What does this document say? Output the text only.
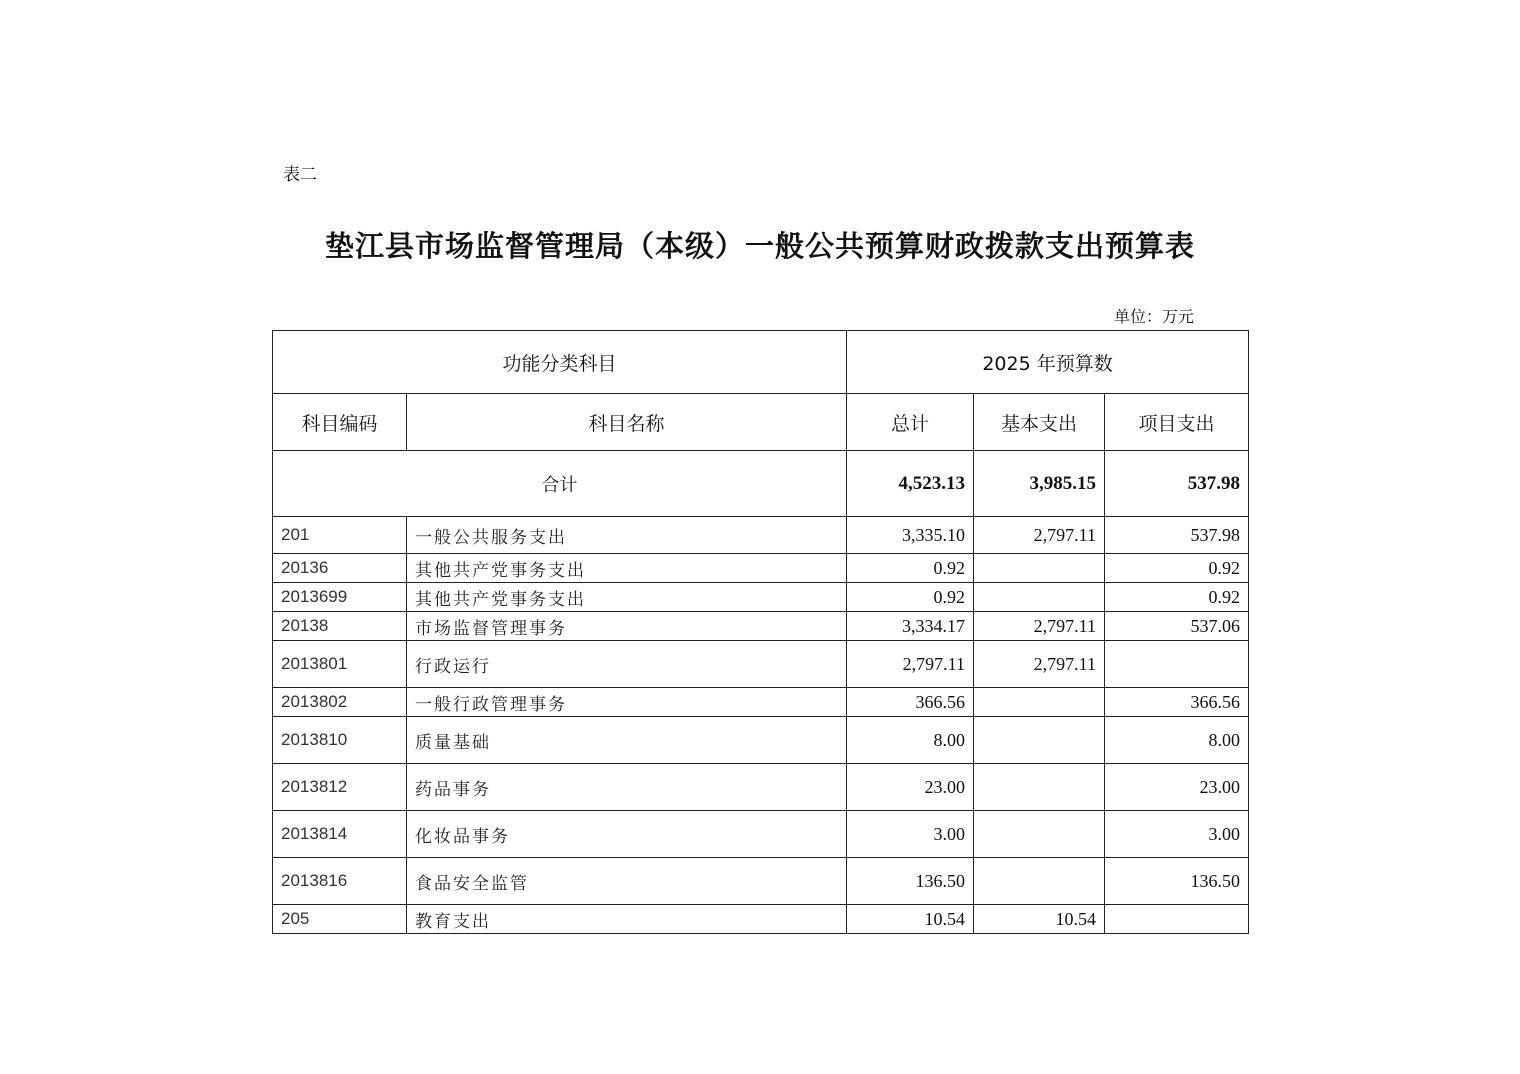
表二
垫江县市场监督管理局（本级）一般公共预算财政拨款支出预算表
单位：万元
功能分类科目		2025 年预算数		
科目编码	科目名称	总计	基本支出	项目支出
合计		4,523.13	3,985.15	537.98
201	一般公共服务支出	3,335.10	2,797.11	537.98
20136	其他共产党事务支出	0.92		0.92
2013699	其他共产党事务支出	0.92		0.92
20138	市场监督管理事务	3,334.17	2,797.11	537.06
2013801	行政运行	2,797.11	2,797.11	
2013802	一般行政管理事务	366.56		366.56
2013810	质量基础	8.00		8.00
2013812	药品事务	23.00		23.00
2013814	化妆品事务	3.00		3.00
2013816	食品安全监管	136.50		136.50
205	教育支出	10.54	10.54	
